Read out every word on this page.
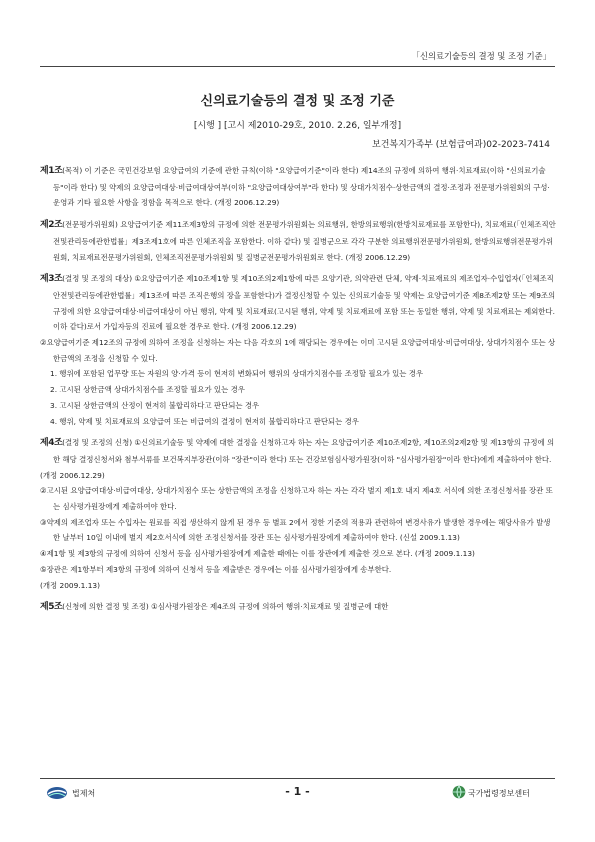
「신의료기술등의 결정 및 조정 기준」
신의료기술등의 결정 및 조정 기준
[시행 ] [고시 제2010-29호, 2010. 2.26, 일부개정]
보건복지가족부 (보험급여과)02-2023-7414

제1조(목적) 이 기준은 국민건강보험 요양급여의 기준에 관한 규칙(이하 "요양급여기준"이라 한다) 제14조의 규정에 의하여 행위·치료재료(이하 "신의료기술등"이라 한다) 및 약제의 요양급여대상·비급여대상여부(이하 "요양급여대상여부"라 한다) 및 상대가치점수·상한금액의 결정·조정과 전문평가위원회의 구성·운영과 기타 필요한 사항을 정함을 목적으로 한다. (개정 2006.12.29)

제2조(전문평가위원회) 요양급여기준 제11조제3항의 규정에 의한 전문평가위원회는 의료행위, 한방의료행위(한방치료재료를 포함한다), 치료재료(「인체조직안전및관리등에관한법률」제3조제1호에 따른 인체조직을 포함한다. 이하 같다) 및 질병군으로 각각 구분한 의료행위전문평가위원회, 한방의료행위전문평가위원회, 치료재료전문평가위원회, 인체조직전문평가위원회 및 질병군전문평가위원회로 한다. (개정 2006.12.29)

제3조(결정 및 조정의 대상) ①요양급여기준 제10조제1항 및 제10조의2제1항에 따른 요양기관, 의약관련 단체, 약제·치료재료의 제조업자·수입업자(「인체조직안전및관리등에관한법률」제13조에 따른 조직은행의 장을 포함한다)가 결정신청할 수 있는 신의료기술등 및 약제는 요양급여기준 제8조제2항 또는 제9조의 규정에 의한 요양급여대상·비급여대상이 아닌 행위, 약제 및 치료재료(고시된 행위, 약제 및 치료재료에 포함 또는 동일한 행위, 약제 및 치료재료는 제외한다. 이하 같다)로서 가입자등의 진료에 필요한 경우로 한다. (개정 2006.12.29)

②요양급여기준 제12조의 규정에 의하여 조정을 신청하는 자는 다음 각호의 1에 해당되는 경우에는 이미 고시된 요양급여대상·비급여대상, 상대가치점수 또는 상한금액의 조정을 신청할 수 있다.

1. 행위에 포함된 업무량 또는 자원의 양·가격 등이 현저히 변화되어 행위의 상대가치점수를 조정할 필요가 있는 경우

2. 고시된 상한금액 상대가치점수를 조정할 필요가 있는 경우

3. 고시된 상한금액의 산정이 현저히 불합리하다고 판단되는 경우

4. 행위, 약제 및 치료재료의 요양급여 또는 비급여의 결정이 현저히 불합리하다고 판단되는 경우

제4조(결정 및 조정의 신청) ①신의료기술등 및 약제에 대한 결정을 신청하고자 하는 자는 요양급여기준 제10조제2항, 제10조의2제2항 및 제13항의 규정에 의한 해당 결정신청서와 첨부서류를 보건복지부장관(이하 "장관"이라 한다) 또는 건강보험심사평가원장(이하 "심사평가원장"이라 한다)에게 제출하여야 한다.

(개정 2006.12.29)

②고시된 요양급여대상·비급여대상, 상대가치점수 또는 상한금액의 조정을 신청하고자 하는 자는 각각 별지 제1호 내지 제4호 서식에 의한 조정신청서를 장관 또는 심사평가원장에게 제출하여야 한다.

③약제의 제조업자 또는 수입자는 원료를 직접 생산하지 않게 된 경우 등 별표 2에서 정한 기준의 적용과 관련하여 변경사유가 발생한 경우에는 해당사유가 발생한 날부터 10일 이내에 별지 제2호서식에 의한 조정신청서를 장관 또는 심사평가원장에게 제출하여야 한다. (신설 2009.1.13)

④제1항 및 제3항의 규정에 의하여 신청서 등을 심사평가원장에게 제출한 때에는 이를 장관에게 제출한 것으로 본다. (개정 2009.1.13)

⑤장관은 제1항부터 제3항의 규정에 의하여 신청서 등을 제출받은 경우에는 이를 심사평가원장에게 송부한다.

(개정 2009.1.13)

제5조(신청에 의한 결정 및 조정) ①심사평가원장은 제4조의 규정에 의하여 행위·치료재료 및 질병군에 대한

법제처	- 1 -	국가법령정보센터
